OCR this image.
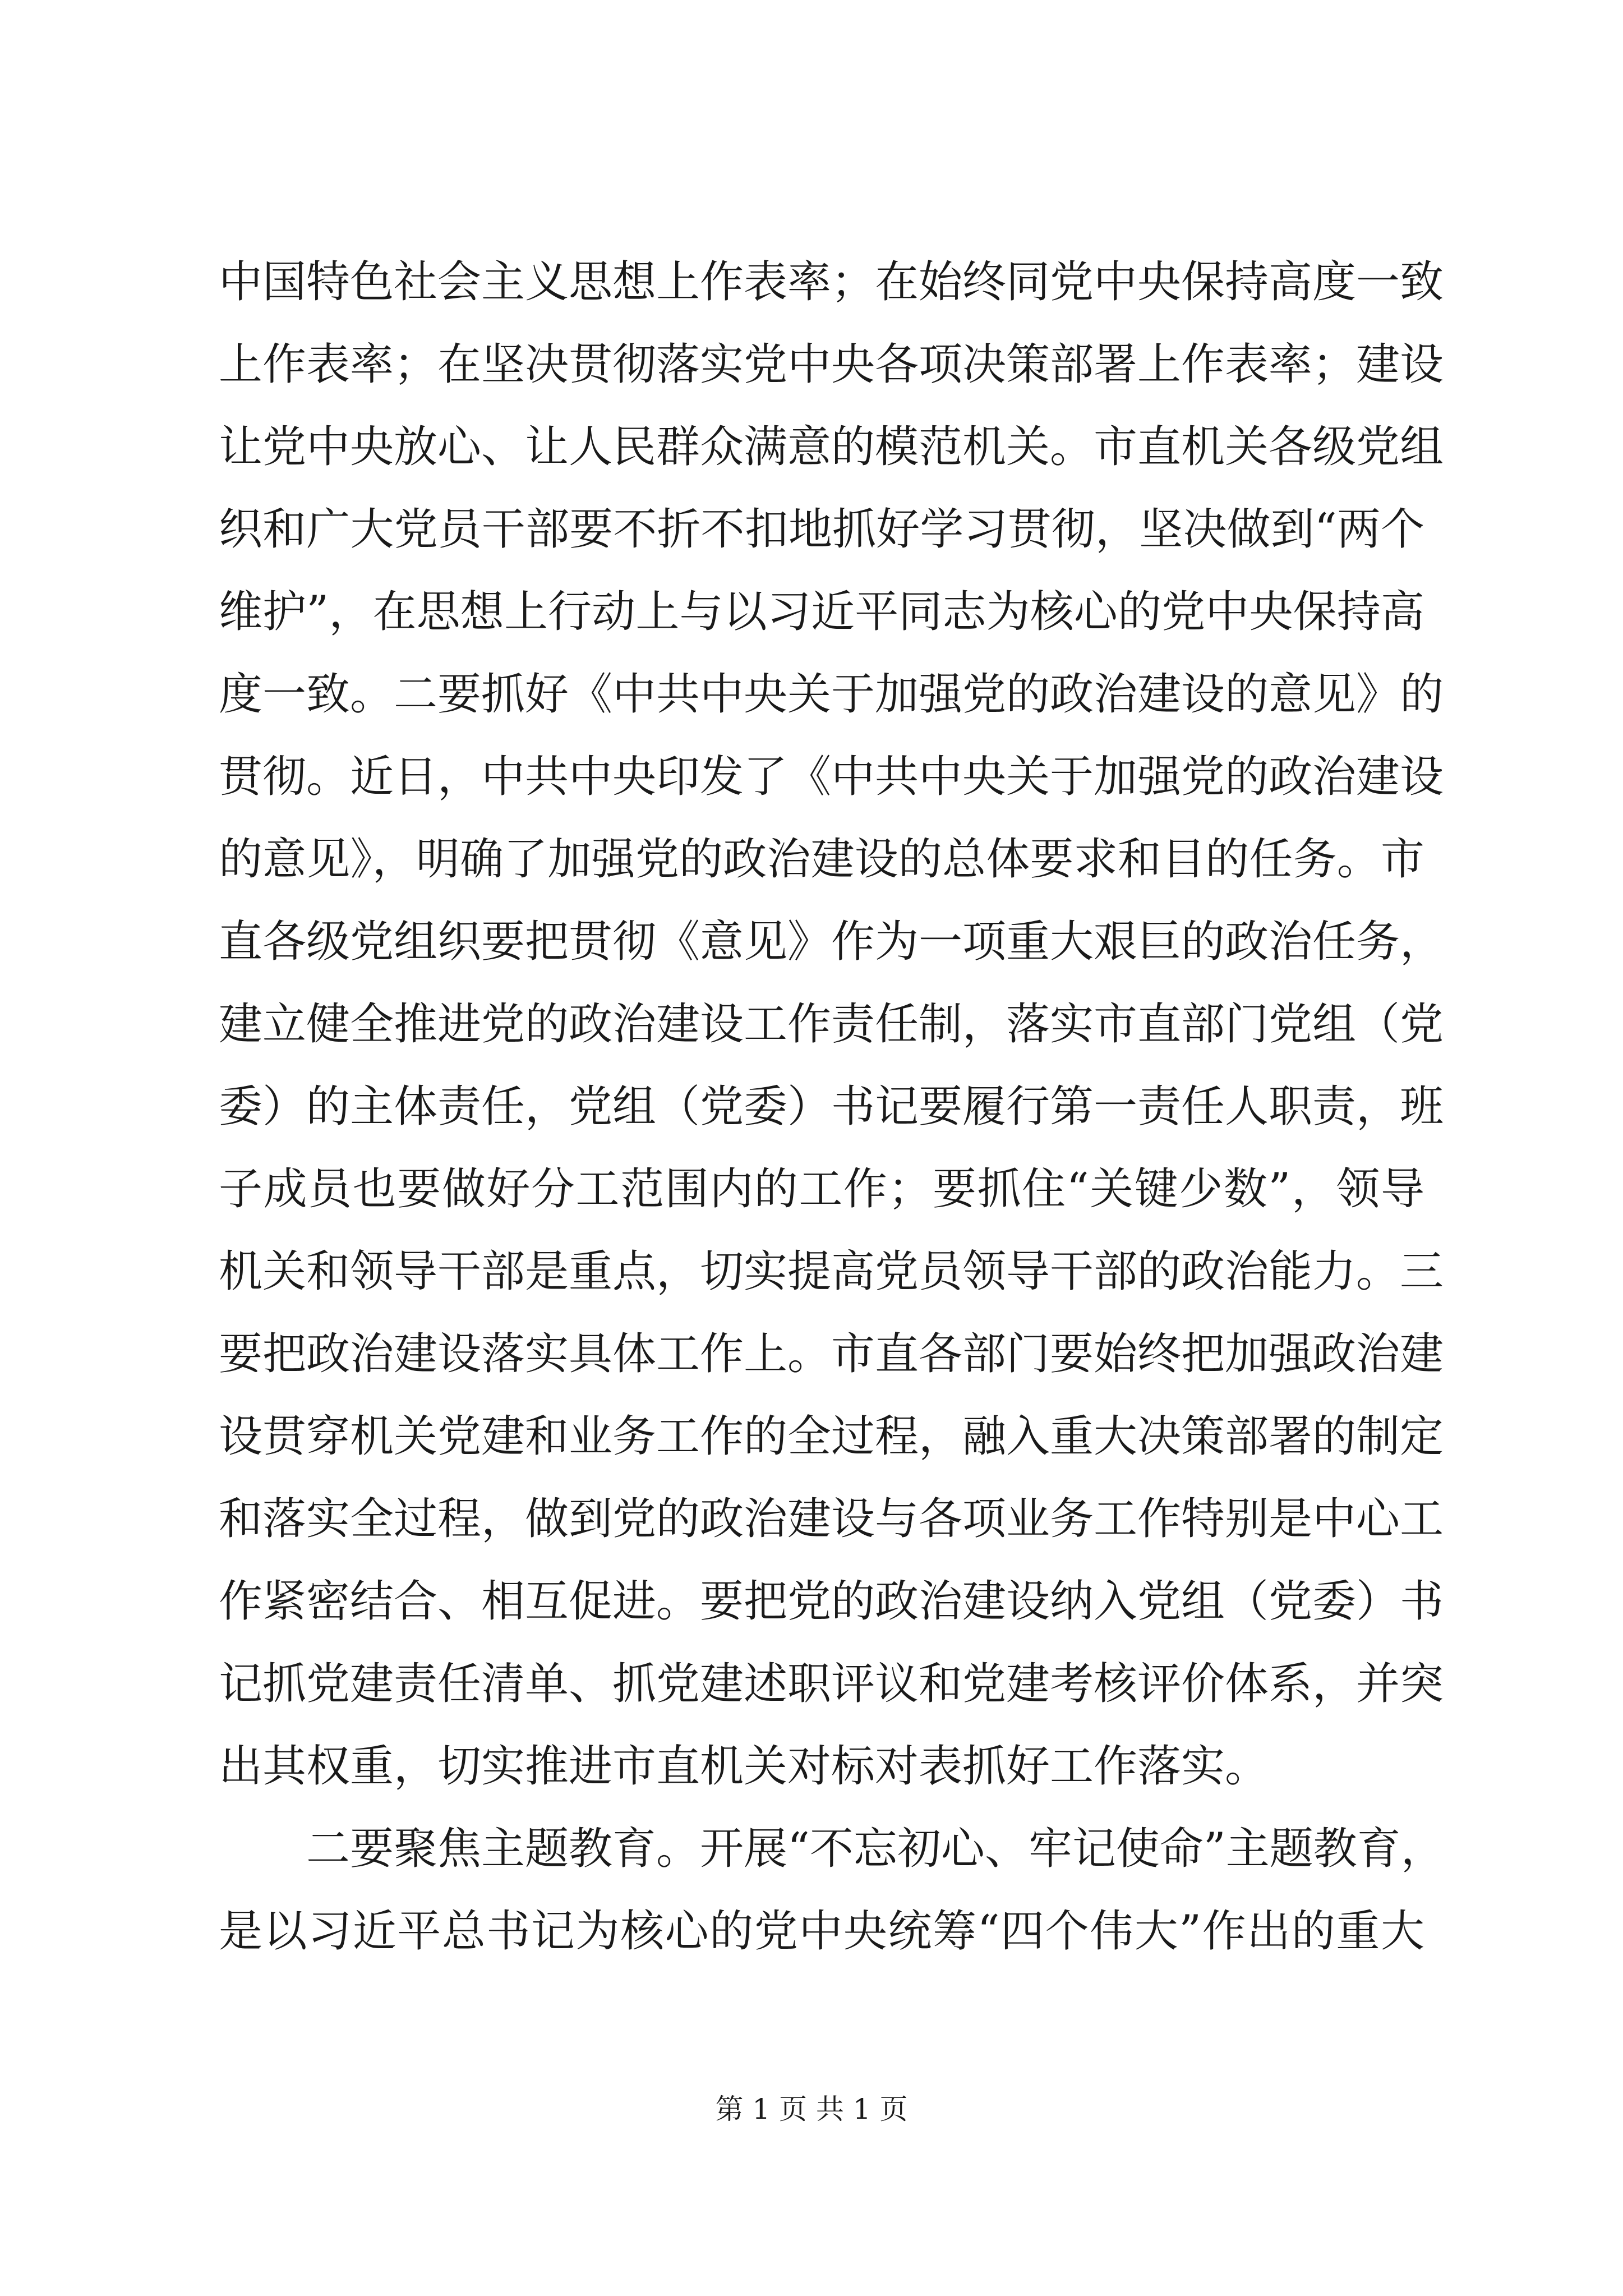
中国特色社会主义思想上作表率；在始终同党中央保持高度一致
上作表率；在坚决贯彻落实党中央各项决策部署上作表率；建设
让党中央放心、让人民群众满意的模范机关。市直机关各级党组
织和广大党员干部要不折不扣地抓好学习贯彻，坚决做到“两个
维护”，在思想上行动上与以习近平同志为核心的党中央保持高
度一致。二要抓好《中共中央关于加强党的政治建设的意见》的
贯彻。近日，中共中央印发了《中共中央关于加强党的政治建设
的意见》，明确了加强党的政治建设的总体要求和目的任务。市
直各级党组织要把贯彻《意见》作为一项重大艰巨的政治任务，
建立健全推进党的政治建设工作责任制，落实市直部门党组（党
委）的主体责任，党组（党委）书记要履行第一责任人职责，班
子成员也要做好分工范围内的工作；要抓住“关键少数”，领导
机关和领导干部是重点，切实提高党员领导干部的政治能力。三
要把政治建设落实具体工作上。市直各部门要始终把加强政治建
设贯穿机关党建和业务工作的全过程，融入重大决策部署的制定
和落实全过程，做到党的政治建设与各项业务工作特别是中心工
作紧密结合、相互促进。要把党的政治建设纳入党组（党委）书
记抓党建责任清单、抓党建述职评议和党建考核评价体系，并突
出其权重，切实推进市直机关对标对表抓好工作落实。
二要聚焦主题教育。开展“不忘初心、牢记使命”主题教育，
是以习近平总书记为核心的党中央统筹“四个伟大”作出的重大
第 1 页 共 1 页
